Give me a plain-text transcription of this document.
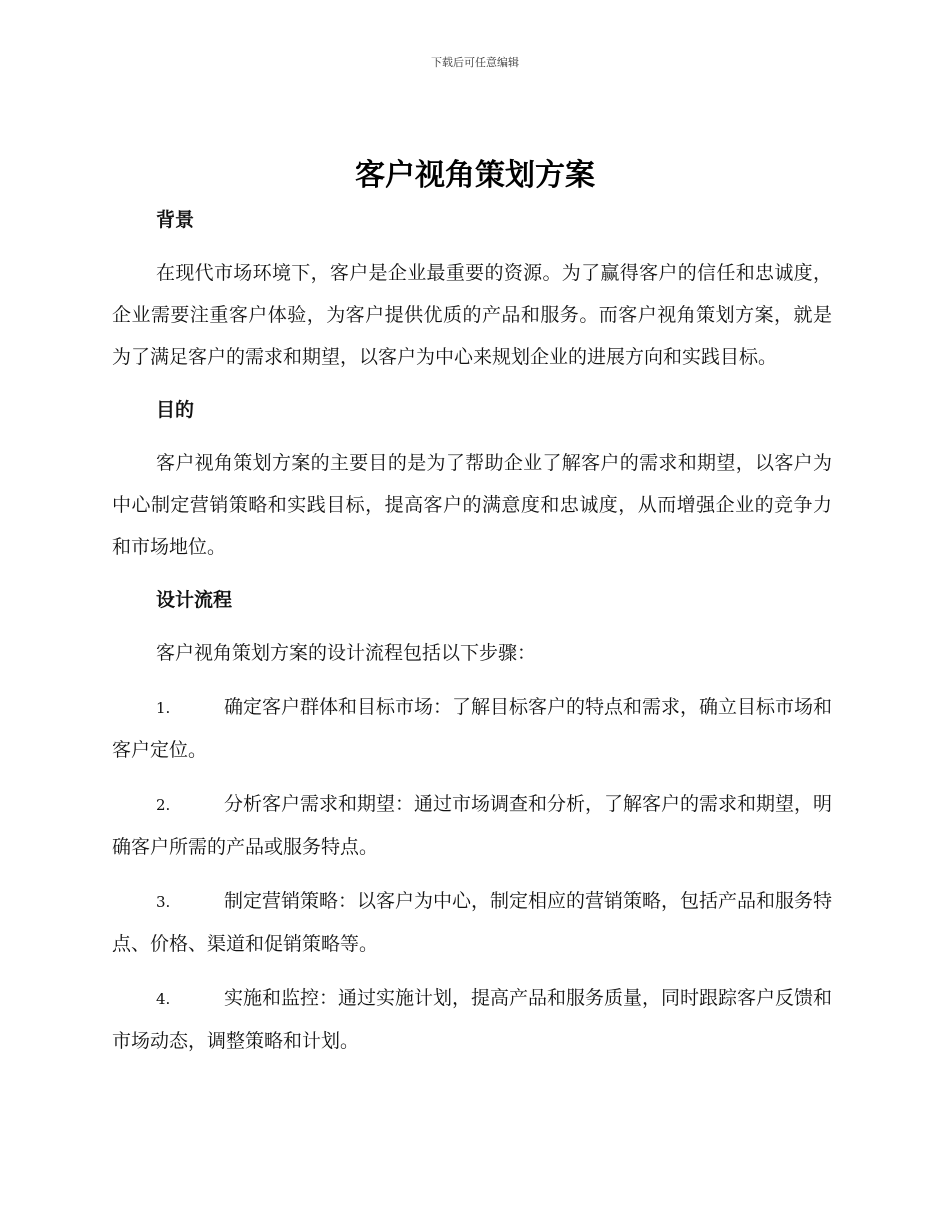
下载后可任意编辑
客户视角策划方案
背景

在现代市场环境下，客户是企业最重要的资源。为了赢得客户的信任和忠诚度，企业需要注重客户体验，为客户提供优质的产品和服务。而客户视角策划方案，就是为了满足客户的需求和期望，以客户为中心来规划企业的进展方向和实践目标。

目的

客户视角策划方案的主要目的是为了帮助企业了解客户的需求和期望，以客户为中心制定营销策略和实践目标，提高客户的满意度和忠诚度，从而增强企业的竞争力和市场地位。

设计流程

客户视角策划方案的设计流程包括以下步骤：

1.	确定客户群体和目标市场：了解目标客户的特点和需求，确立目标市场和客户定位。

2.	分析客户需求和期望：通过市场调查和分析，了解客户的需求和期望，明确客户所需的产品或服务特点。

3.	制定营销策略：以客户为中心，制定相应的营销策略，包括产品和服务特点、价格、渠道和促销策略等。

4.	实施和监控：通过实施计划，提高产品和服务质量，同时跟踪客户反馈和市场动态，调整策略和计划。
